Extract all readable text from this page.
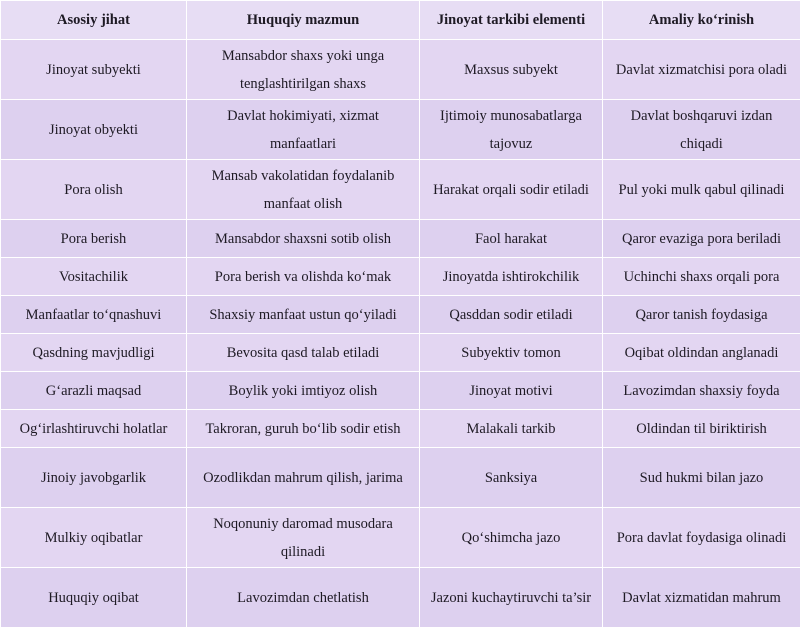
Asosiy jihat	Huquqiy mazmun	Jinoyat tarkibi elementi	Amaliy ko‘rinish
Jinoyat subyekti	Mansabdor shaxs yoki unga tenglashtirilgan shaxs	Maxsus subyekt	Davlat xizmatchisi pora oladi
Jinoyat obyekti	Davlat hokimiyati, xizmat manfaatlari	Ijtimoiy munosabatlarga tajovuz	Davlat boshqaruvi izdan chiqadi
Pora olish	Mansab vakolatidan foydalanib manfaat olish	Harakat orqali sodir etiladi	Pul yoki mulk qabul qilinadi
Pora berish	Mansabdor shaxsni sotib olish	Faol harakat	Qaror evaziga pora beriladi
Vositachilik	Pora berish va olishda ko‘mak	Jinoyatda ishtirokchilik	Uchinchi shaxs orqali pora
Manfaatlar to‘qnashuvi	Shaxsiy manfaat ustun qo‘yiladi	Qasddan sodir etiladi	Qaror tanish foydasiga
Qasdning mavjudligi	Bevosita qasd talab etiladi	Subyektiv tomon	Oqibat oldindan anglanadi
G‘arazli maqsad	Boylik yoki imtiyoz olish	Jinoyat motivi	Lavozimdan shaxsiy foyda
Og‘irlashtiruvchi holatlar	Takroran, guruh bo‘lib sodir etish	Malakali tarkib	Oldindan til biriktirish
Jinoiy javobgarlik	Ozodlikdan mahrum qilish, jarima	Sanksiya	Sud hukmi bilan jazo
Mulkiy oqibatlar	Noqonuniy daromad musodara qilinadi	Qo‘shimcha jazo	Pora davlat foydasiga olinadi
Huquqiy oqibat	Lavozimdan chetlatish	Jazoni kuchaytiruvchi ta’sir	Davlat xizmatidan mahrum
